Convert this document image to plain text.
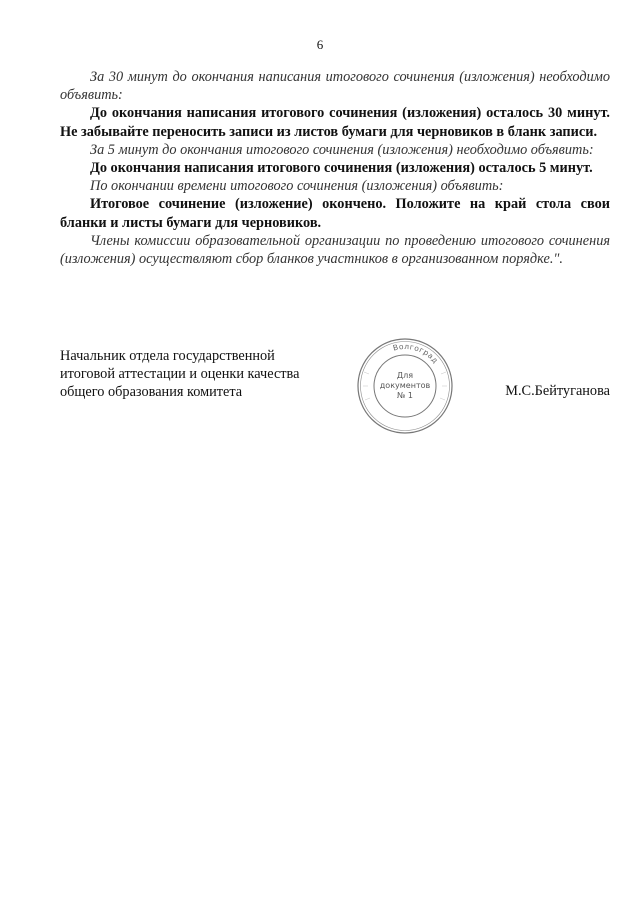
6

За 30 минут до окончания написания итогового сочинения (изложения) необходимо объявить:

До окончания написания итогового сочинения (изложения) осталось 30 минут. Не забывайте переносить записи из листов бумаги для черновиков в бланк записи.

За 5 минут до окончания итогового сочинения (изложения) необходимо объявить:

До окончания написания итогового сочинения (изложения) осталось 5 минут.

По окончании времени итогового сочинения (изложения) объявить:

Итоговое сочинение (изложение) окончено. Положите на край стола свои бланки и листы бумаги для черновиков.

Члены комиссии образовательной организации по проведению итогового сочинения (изложения) осуществляют сбор бланков участников в организованном порядке.".

Начальник отдела государственной
итоговой аттестации и оценки качества
общего образования комитета
Волгоград
Для
документов
№ 1	М.С.Бейтуганова
